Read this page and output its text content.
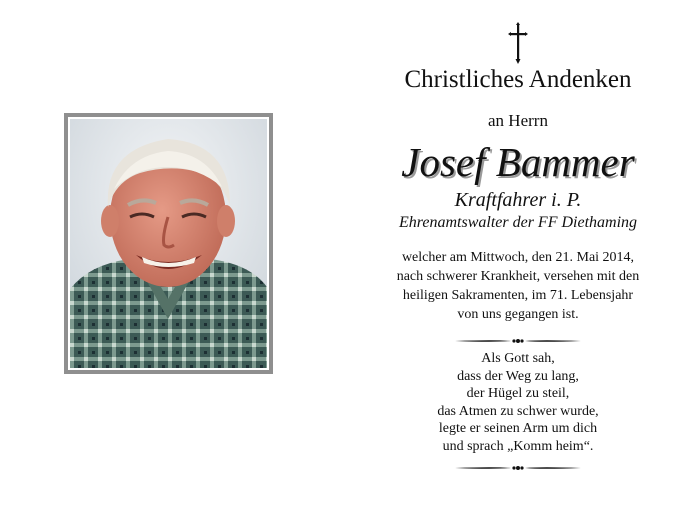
Christliches Andenken
an Herrn
Josef Bammer
Kraftfahrer i. P.
Ehrenamtswalter der FF Diethaming
welcher am Mittwoch, den 21. Mai 2014,
nach schwerer Krankheit, versehen mit den
heiligen Sakramenten, im 71. Lebensjahr
von uns gegangen ist.
Als Gott sah,
dass der Weg zu lang,
der Hügel zu steil,
das Atmen zu schwer wurde,
legte er seinen Arm um dich
und sprach „Komm heim“.
